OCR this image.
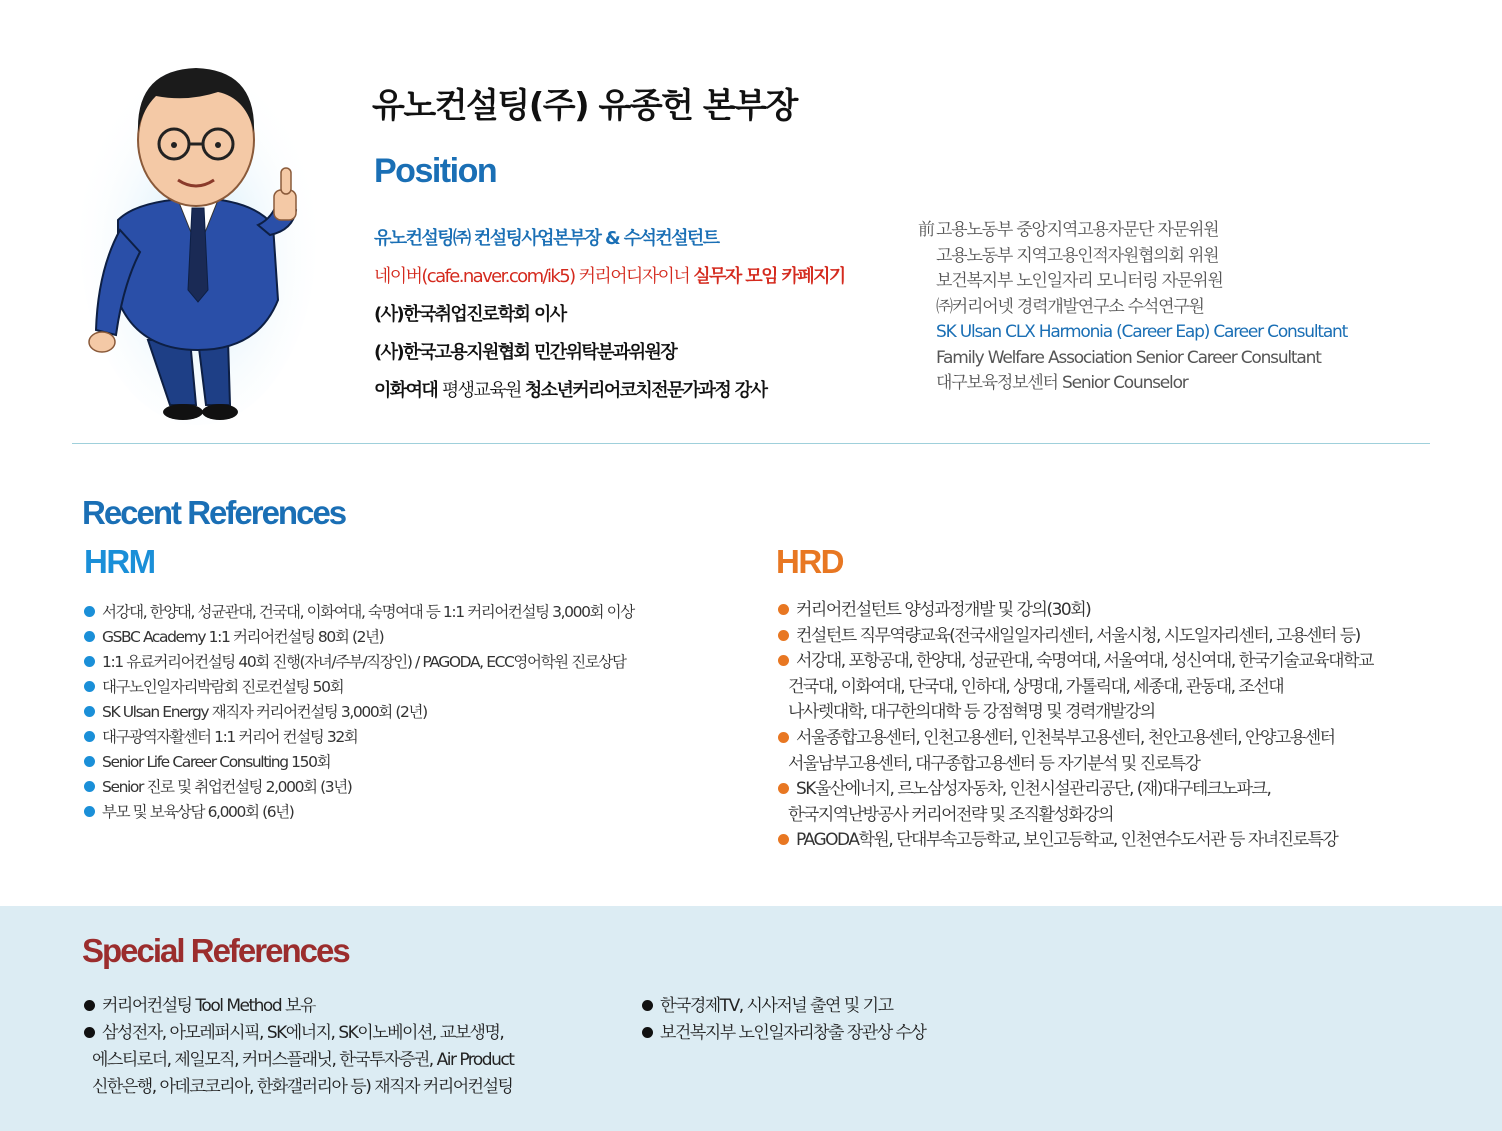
유노컨설팅(주) 유종헌 본부장
Position
유노컨설팅㈜ 컨설팅사업본부장 & 수석컨설턴트
네이버(cafe.naver.com/ik5) 커리어디자이너 실무자 모임 카페지기
(사)한국취업진로학회 이사
(사)한국고용지원협회 민간위탁분과위원장
이화여대 평생교육원 청소년커리어코치전문가과정 강사
前 고용노동부 중앙지역고용자문단 자문위원
고용노동부 지역고용인적자원협의회 위원
보건복지부 노인일자리 모니터링 자문위원
㈜커리어넷 경력개발연구소 수석연구원
SK Ulsan CLX Harmonia (Career Eap) Career Consultant
Family Welfare Association Senior Career Consultant
대구보육정보센터 Senior Counselor
Recent References
HRM	HRD
서강대, 한양대, 성균관대, 건국대, 이화여대, 숙명여대 등 1:1 커리어컨설팅 3,000회 이상
GSBC Academy 1:1 커리어컨설팅 80회 (2년)
1:1 유료커리어컨설팅 40회 진행(자녀/주부/직장인) / PAGODA, ECC영어학원 진로상담
대구노인일자리박람회 진로컨설팅 50회
SK Ulsan Energy 재직자 커리어컨설팅 3,000회 (2년)
대구광역자활센터 1:1 커리어 컨설팅 32회
Senior Life Career Consulting 150회
Senior 진로 및 취업컨설팅 2,000회 (3년)
부모 및 보육상담 6,000회 (6년)
커리어컨설턴트 양성과정개발 및 강의(30회)
컨설턴트 직무역량교육(전국새일일자리센터, 서울시청, 시도일자리센터, 고용센터 등)
서강대, 포항공대, 한양대, 성균관대, 숙명여대, 서울여대, 성신여대, 한국기술교육대학교
건국대, 이화여대, 단국대, 인하대, 상명대, 가톨릭대, 세종대, 관동대, 조선대
나사렛대학, 대구한의대학 등 강점혁명 및 경력개발강의
서울종합고용센터, 인천고용센터, 인천북부고용센터, 천안고용센터, 안양고용센터
서울남부고용센터, 대구종합고용센터 등 자기분석 및 진로특강
SK울산에너지, 르노삼성자동차, 인천시설관리공단, (재)대구테크노파크,
한국지역난방공사 커리어전략 및 조직활성화강의
PAGODA학원, 단대부속고등학교, 보인고등학교, 인천연수도서관 등 자녀진로특강
Special References
커리어컨설팅 Tool Method 보유
삼성전자, 아모레퍼시픽, SK에너지, SK이노베이션, 교보생명,
에스티로더, 제일모직, 커머스플래닛, 한국투자증권, Air Product
신한은행, 아데코코리아, 한화갤러리아 등) 재직자 커리어컨설팅
한국경제TV, 시사저널 출연 및 기고
보건복지부 노인일자리창출 장관상 수상
